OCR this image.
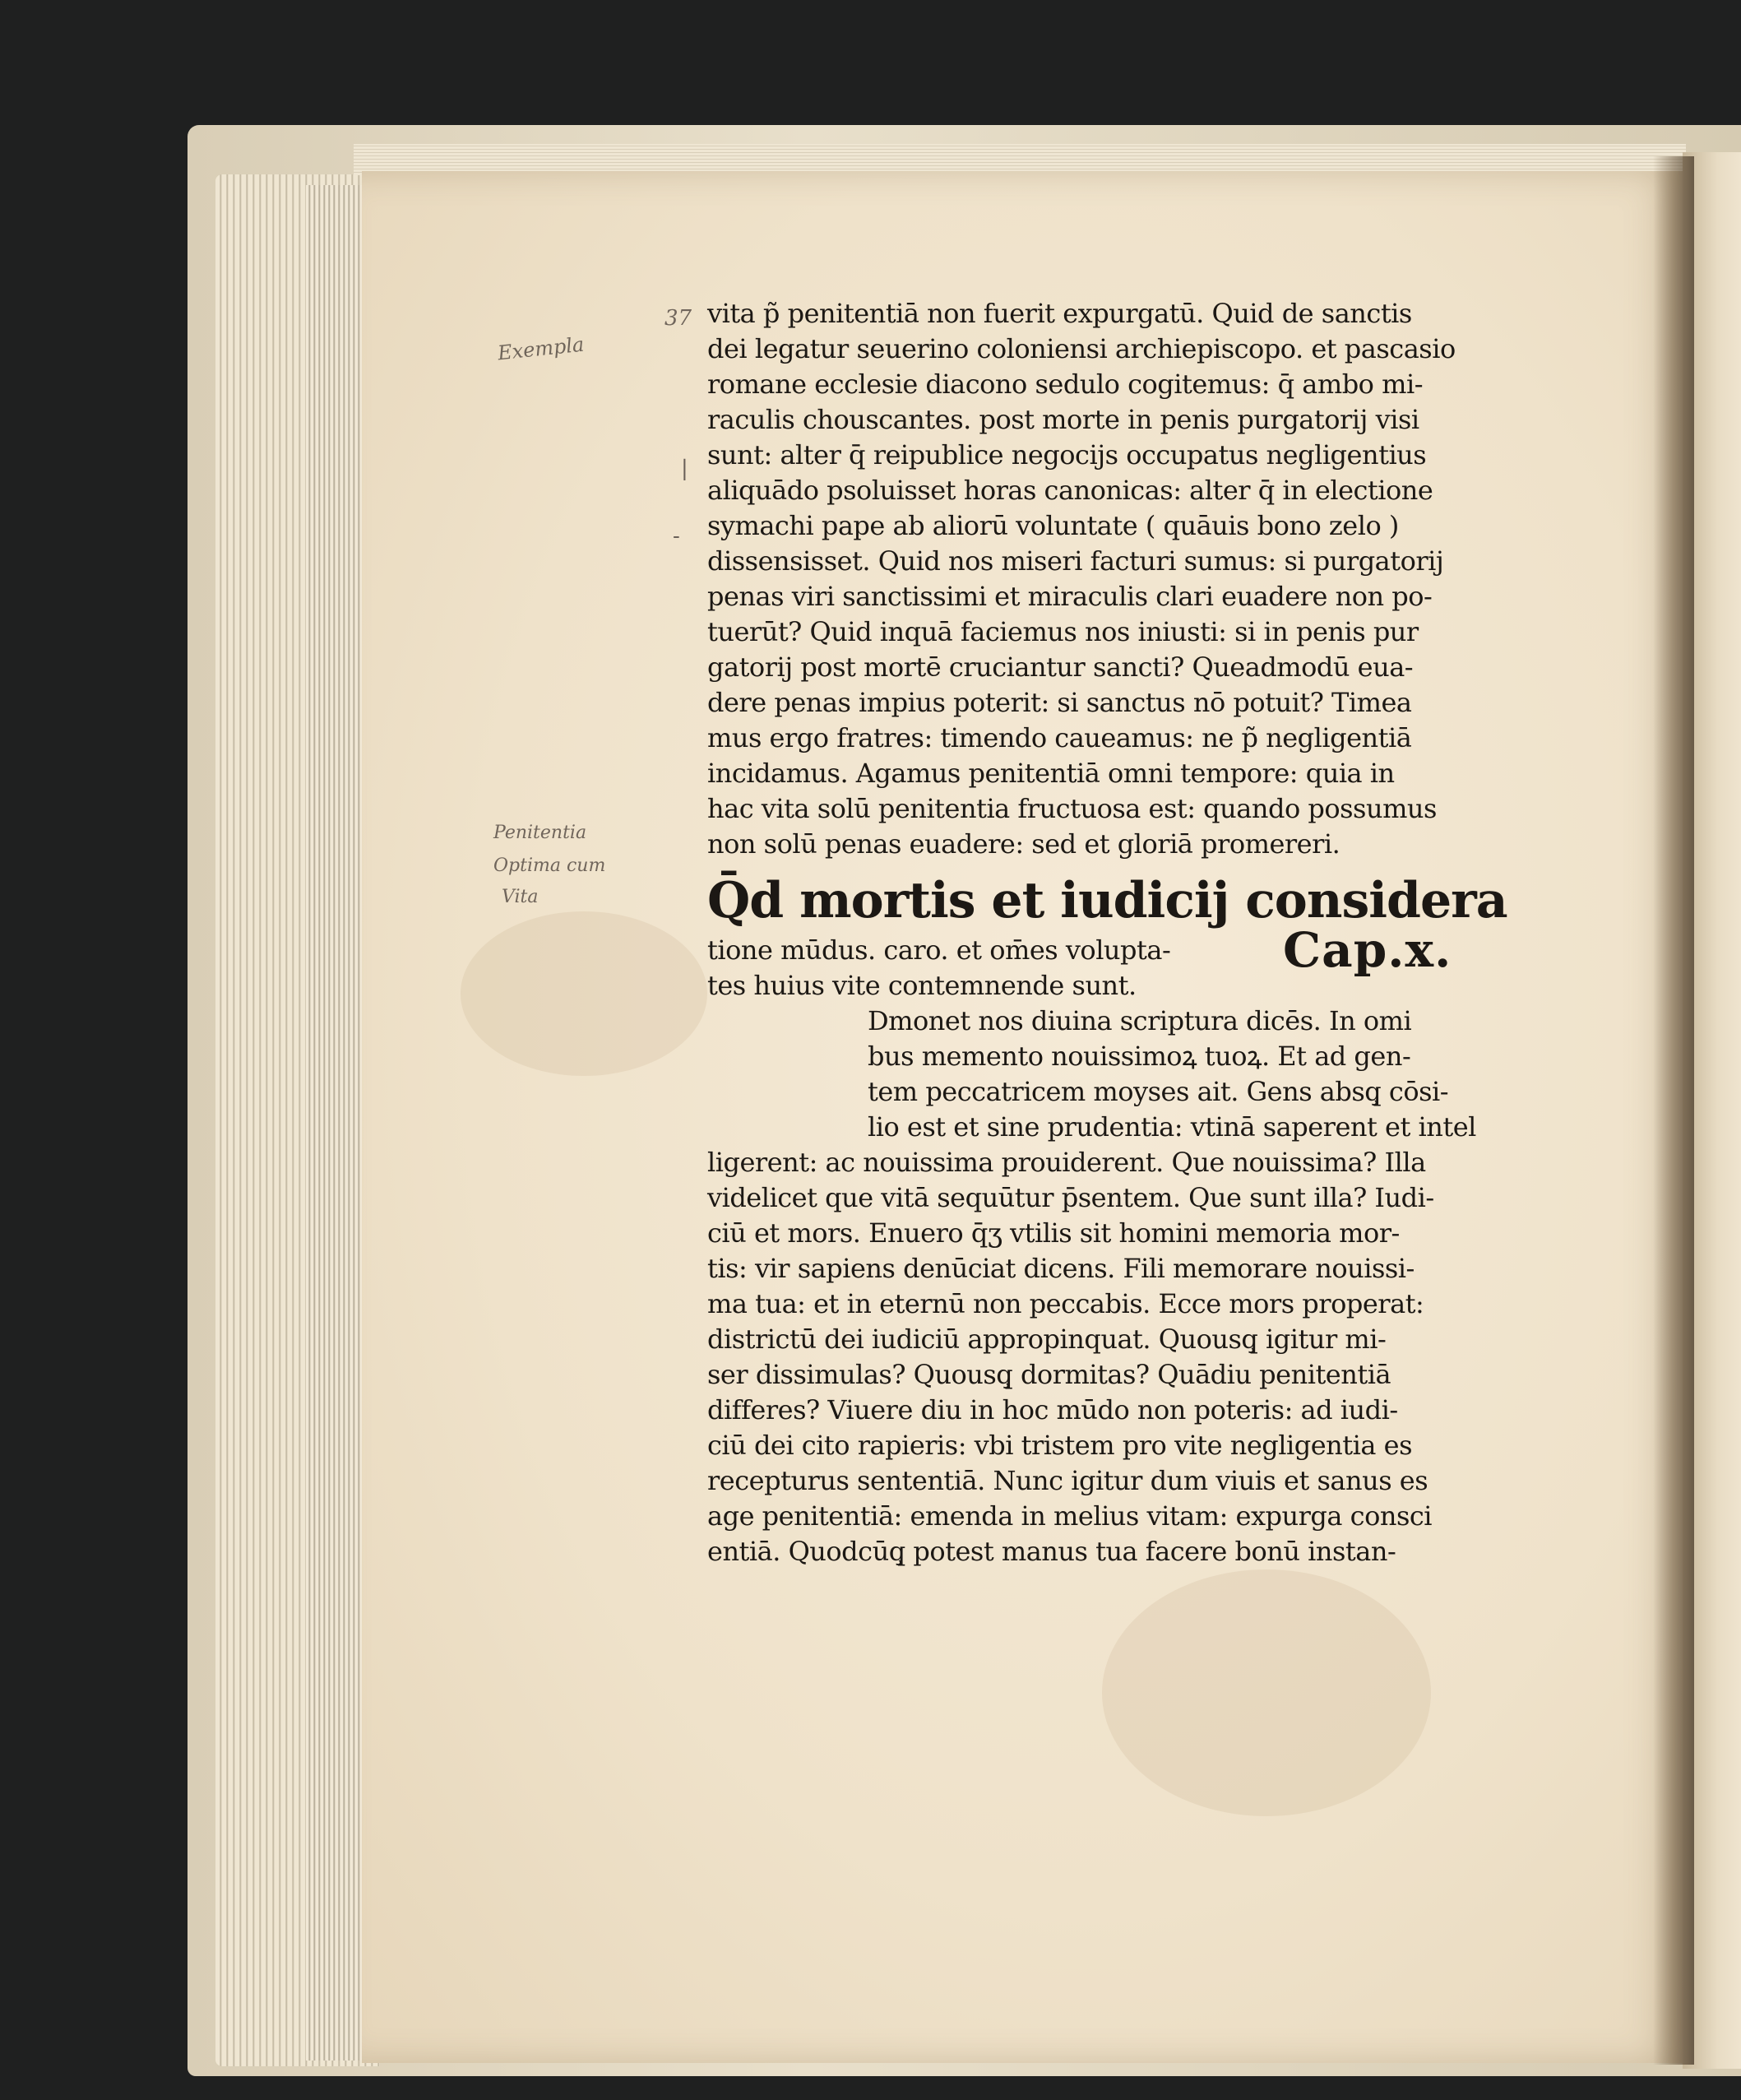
Exempla
37
|
-
Penitentia
Optima cum
Vita
vita p̃ penitentiā non fuerit expurgatū. Quid de sanctis
dei legatur seuerino coloniensi archiepiscopo. et pascasio
romane ecclesie diacono sedulo cogitemus: q̄ ambo mi-
raculis chouscantes. post morte in penis purgatorij visi
sunt: alter q̄ reipublice negocijs occupatus negligentius
aliquādo psoluisset horas canonicas: alter q̄ in electione
symachi pape ab aliorū voluntate ( quāuis bono zelo )
dissensisset. Quid nos miseri facturi sumus: si purgatorij
penas viri sanctissimi et miraculis clari euadere non po-
tuerūt? Quid inquā faciemus nos iniusti: si in penis pur
gatorij post mortē cruciantur sancti? Queadmodū eua-
dere penas impius poterit: si sanctus nō potuit? Timea
mus ergo fratres: timendo caueamus: ne p̃ negligentiā
incidamus. Agamus penitentiā omni tempore: quia in
hac vita solū penitentia fructuosa est: quando possumus
non solū penas euadere: sed et gloriā promereri.
Q̄d mortis et iudicij considera
tione mūdus. caro. et om̄es volupta-
tes huius vite contemnende sunt.
Cap.x.
Dmonet nos diuina scriptura dicēs. In omi
bus memento nouissimoꝝ tuoꝝ. Et ad gen-
tem peccatricem moyses ait. Gens absq̧ cōsi-
lio est et sine prudentia: vtinā saperent et intel
ligerent: ac nouissima prouiderent. Que nouissima? Illa
videlicet que vitā sequūtur p̄sentem. Que sunt illa? Iudi-
ciū et mors. Enuero q̄ʒ vtilis sit homini memoria mor-
tis: vir sapiens denūciat dicens. Fili memorare nouissi-
ma tua: et in eternū non peccabis. Ecce mors properat:
districtū dei iudiciū appropinquat. Quousq̧ igitur mi-
ser dissimulas? Quousq̧ dormitas? Quādiu penitentiā
differes? Viuere diu in hoc mūdo non poteris: ad iudi-
ciū dei cito rapieris: vbi tristem pro vite negligentia es
recepturus sententiā. Nunc igitur dum viuis et sanus es
age penitentiā: emenda in melius vitam: expurga consci
entiā. Quodcūq̧ potest manus tua facere bonū instan-
